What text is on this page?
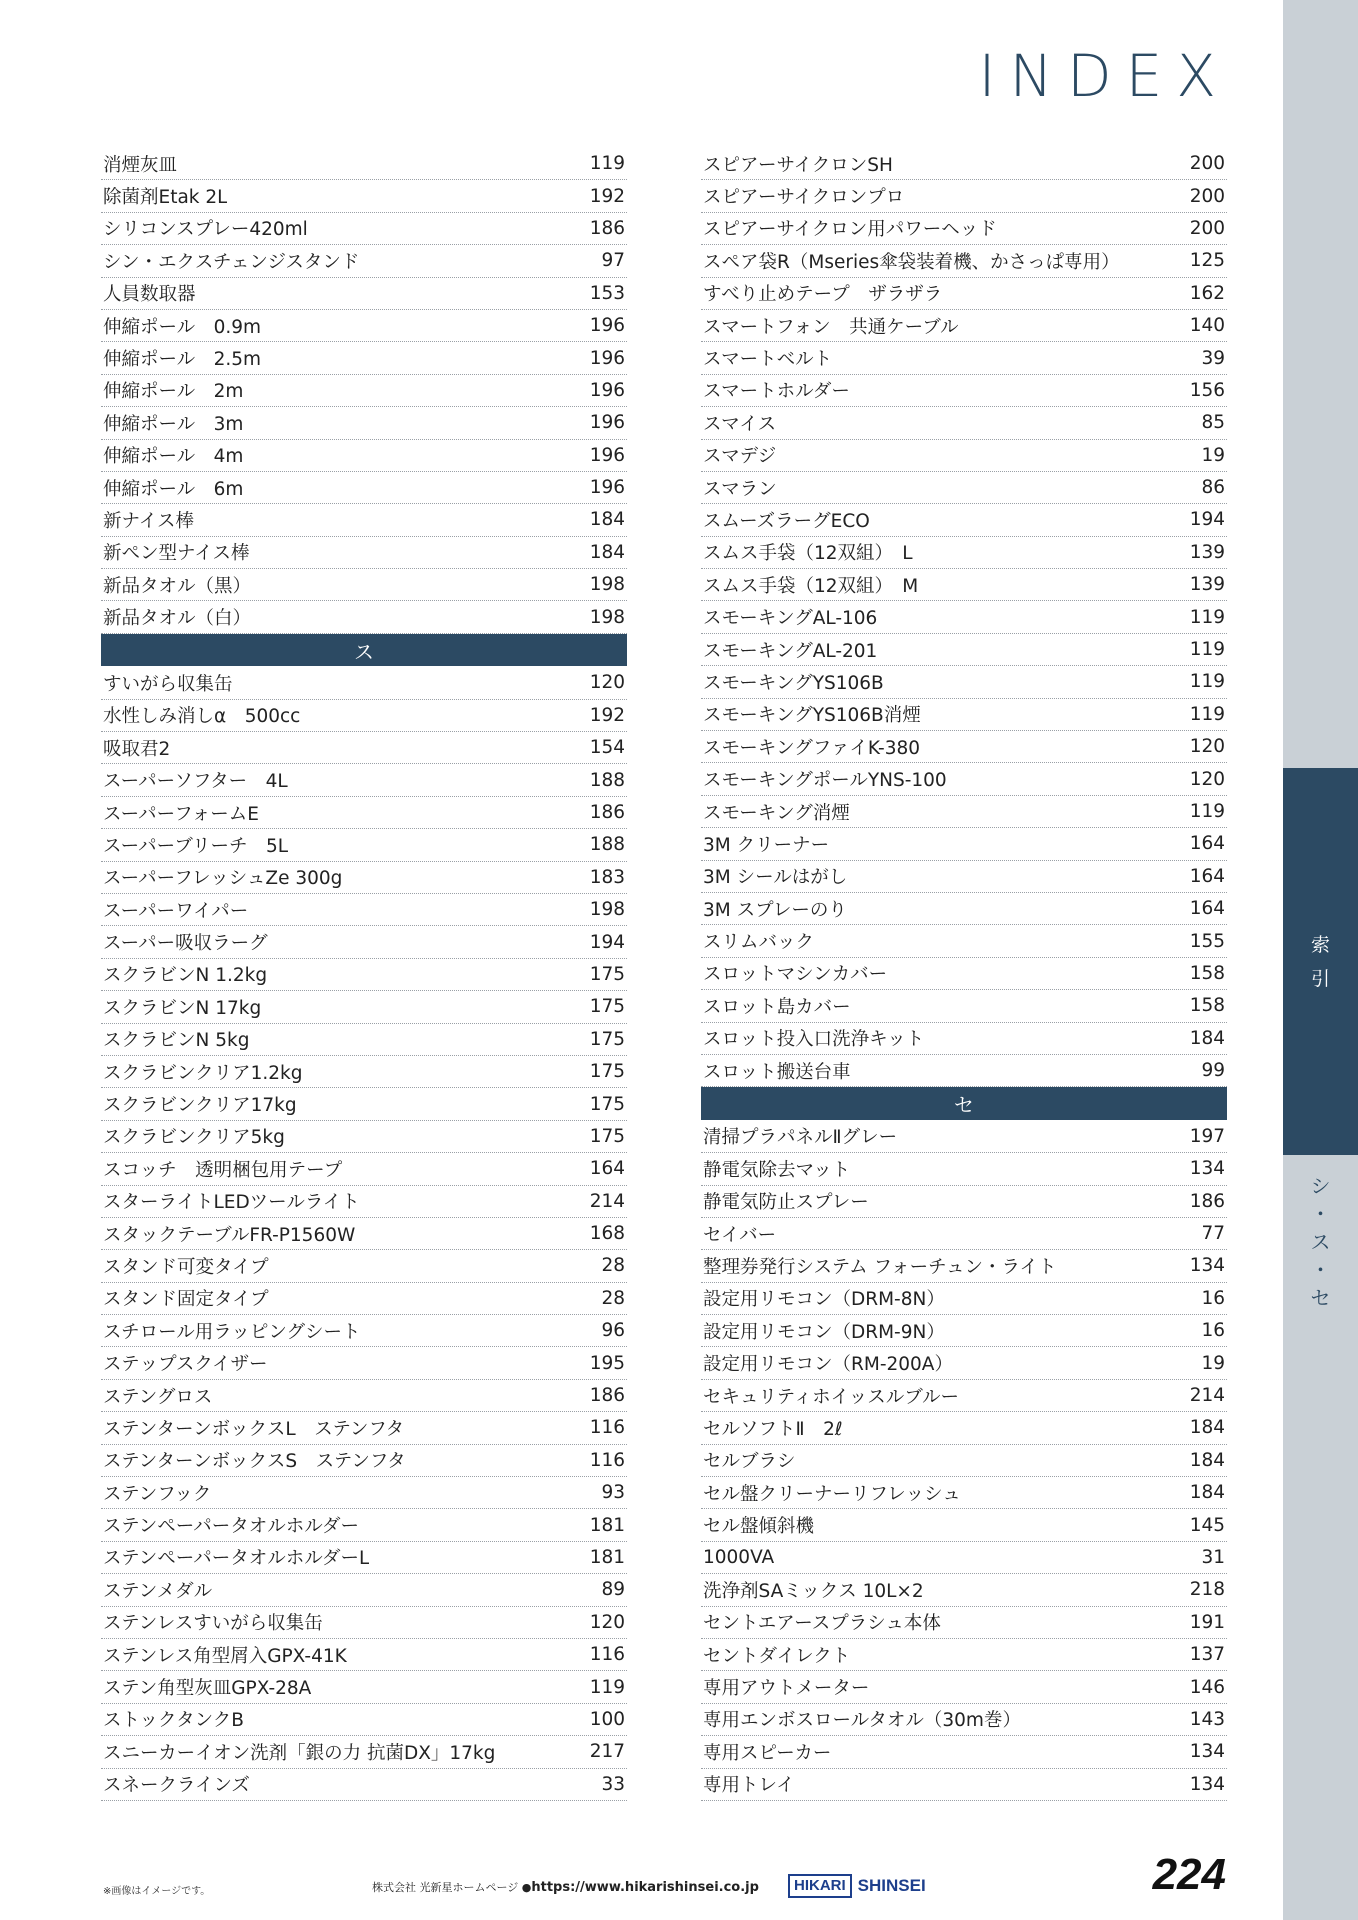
INDEX
消煙灰皿	119
除菌剤Etak 2L	192
シリコンスプレー420ml	186
シン・エクスチェンジスタンド	97
人員数取器	153
伸縮ポール　0.9m	196
伸縮ポール　2.5m	196
伸縮ポール　2m	196
伸縮ポール　3m	196
伸縮ポール　4m	196
伸縮ポール　6m	196
新ナイス棒	184
新ペン型ナイス棒	184
新品タオル（黒）	198
新品タオル（白）	198
ス
すいがら収集缶	120
水性しみ消しα　500cc	192
吸取君2	154
スーパーソフター　4L	188
スーパーフォームE	186
スーパーブリーチ　5L	188
スーパーフレッシュZe 300g	183
スーパーワイパー	198
スーパー吸収ラーグ	194
スクラビンN 1.2kg	175
スクラビンN 17kg	175
スクラビンN 5kg	175
スクラビンクリア1.2kg	175
スクラビンクリア17kg	175
スクラビンクリア5kg	175
スコッチ　透明梱包用テープ	164
スターライトLEDツールライト	214
スタックテーブルFR-P1560W	168
スタンド可変タイプ	28
スタンド固定タイプ	28
スチロール用ラッピングシート	96
ステップスクイザー	195
ステングロス	186
ステンターンボックスL　ステンフタ	116
ステンターンボックスS　ステンフタ	116
ステンフック	93
ステンペーパータオルホルダー	181
ステンペーパータオルホルダーL	181
ステンメダル	89
ステンレスすいがら収集缶	120
ステンレス角型屑入GPX-41K	116
ステン角型灰皿GPX-28A	119
ストックタンクB	100
スニーカーイオン洗剤「銀の力 抗菌DX」17kg	217
スネークラインズ	33
スピアーサイクロンSH	200
スピアーサイクロンプロ	200
スピアーサイクロン用パワーヘッド	200
スペア袋R（Mseries傘袋装着機、かさっぱ専用）	125
すべり止めテープ　ザラザラ	162
スマートフォン　共通ケーブル	140
スマートベルト	39
スマートホルダー	156
スマイス	85
スマデジ	19
スマラン	86
スムーズラーグECO	194
スムス手袋（12双組）　L	139
スムス手袋（12双組）　M	139
スモーキングAL-106	119
スモーキングAL-201	119
スモーキングYS106B	119
スモーキングYS106B消煙	119
スモーキングファイK-380	120
スモーキングポールYNS-100	120
スモーキング消煙	119
3M クリーナー	164
3M シールはがし	164
3M スプレーのり	164
スリムバック	155
スロットマシンカバー	158
スロット島カバー	158
スロット投入口洗浄キット	184
スロット搬送台車	99
セ
清掃プラパネルⅡグレー	197
静電気除去マット	134
静電気防止スプレー	186
セイバー	77
整理券発行システム フォーチュン・ライト	134
設定用リモコン（DRM-8N）	16
設定用リモコン（DRM-9N）	16
設定用リモコン（RM-200A）	19
セキュリティホイッスルブルー	214
セルソフトⅡ　2ℓ	184
セルブラシ	184
セル盤クリーナーリフレッシュ	184
セル盤傾斜機	145
1000VA	31
洗浄剤SAミックス 10L×2	218
セントエアースプラシュ本体	191
セントダイレクト	137
専用アウトメーター	146
専用エンボスロールタオル（30m巻）	143
専用スピーカー	134
専用トレイ	134
索
引
シ
・
ス
・
セ
※画像はイメージです。	株式会社 光新星ホームページ ●https://www.hikarishinsei.co.jp	HIKARI SHINSEI	224
